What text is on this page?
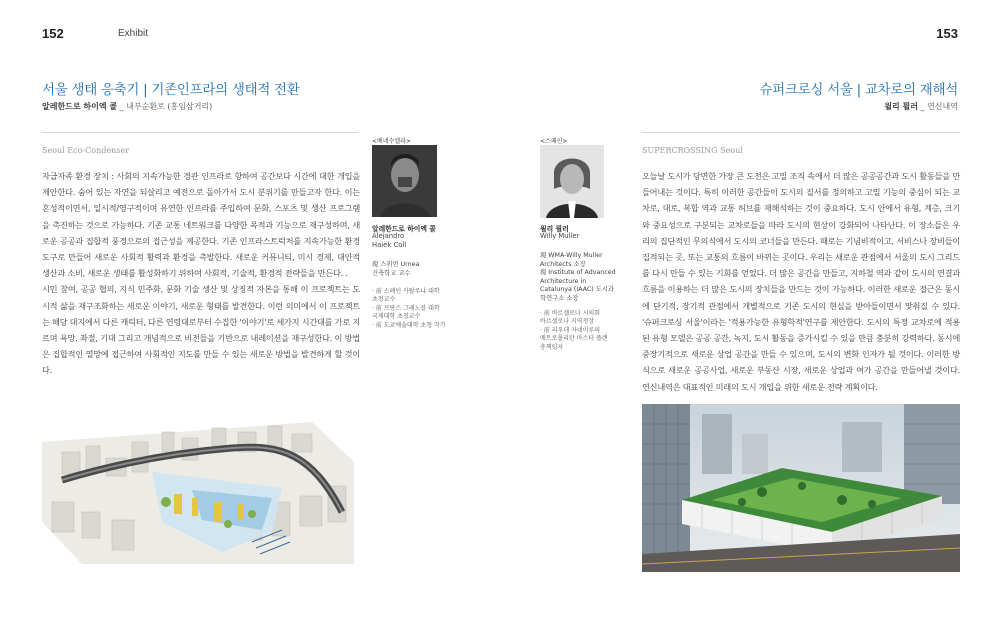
152	Exhibit	153
서울 생태 응축기 | 기존인프라의 생태적 전환
알레한드로 하이엑 콜 _ 내부순환로 (홍임삼거리)
Seoul Eco-Condenser

자급자족 환경 장치 : 사회의 지속가능한 경관 인프라로 향하여 공간보다 시간에 대한 개입을 제안한다. 숨어 있는 자연을 되살리고 예전으로 돌아가서 도시 분위기를 만들고자 한다. 이는 혼성적이면서, 일시적/영구적이며 유연한 인프라를 주입하여 문화, 스포츠 및 생산 프로그램을 촉진하는 것으로 가능하다. 기존 교통 네트워크를 다양한 목적과 기능으로 재구성하며, 새로운 공공과 집합적 풍경으로의 접근성을 제공한다. 기존 인프라스트럭처를 지속가능한 환경 도구로 만들어 새로운 사회적 활력과 환경을 촉발한다. 새로운 커뮤니티, 미시 경제, 대안적 생산과 소비, 새로운 생태를 활성화하기 위하여 사회적, 기술적, 환경적 전략들을 만든다. .

시민 참여, 공공 협의, 지식 민주화, 문화 기술 생산 및 상징적 자본을 통해 이 프로젝트는 도시적 삶을 재구조화하는 새로운 이야기, 새로운 형태를 발견한다. 이런 의미에서 이 프로젝트는 해당 대지에서 다른 캐릭터, 다른 연령대로부터 수집한 '이야기'로 세가지 시간대를 가로 지르며 욕망, 좌절, 기대 그리고 개념적으로 비전들을 기반으로 내레이션을 재구성한다. 이 방법은 집합적인 열망에 접근하여 사회적인 지도를 만들 수 있는 새로운 방법을 발견하게 할 것이다.

<베네수엘라>
알레한드로 하이엑 콜
Alejandro
Haiek Coll
現 스위번 Urnea
건축학교 교수
· 前 스페인 카탈루냐 대학
초청교수
· 前 프랑스 그레노블 대학
국제대학 초청교수
· 前 도쿄예술대학 초청 작가
<스페인>
윌리 뮐러
Willy Muller
現 WMA-Willy Muller
Architects 소장
現 Institute of Advanced
Architecture in
Catalunya (IAAC) 도시과
학연구소 소장
· 前 바르셀로나 시의회
바르셀로나 지역청장
· 前 리우데 자네이루의
메트로폴리탄 마스터 플랜
총책임자
슈퍼크로싱 서울 | 교차로의 재해석
윌리 뮐러 _ 연신내역
SUPERCROSSING Seoul

오늘날 도시가 당면한 가장 큰 도전은 고밀 조직 속에서 더 많은 공공공간과 도시 활동들을 만들어내는 것이다. 특히 이러한 공간들이 도시의 질서를 정의하고 고밀 기능의 중심이 되는 교차로, 대로, 복합 역과 교통 허브를 재해석하는 것이 중요하다. 도시 안에서 유형, 계층, 크기와 중요성으로 구분되는 교차로들을 따라 도시의 현상이 강화되어 나타난다. 이 장소들은 우리의 집단적인 무의식에서 도시의 코너들을 만든다. 때로는 기념비적이고, 서비스나 장비들이 집적되는 곳, 또는 교통의 흐름이 바뀌는 곳이다. 우리는 새로운 관점에서 서울의 도시 그리드를 다시 만들 수 있는 기회를 얻었다. 더 많은 공간을 만들고, 지하철 역과 같이 도시의 연결과 흐름을 이용하는 더 많은 도시의 장치들을 만드는 것이 가능하다. 이러한 새로운 접근은 동시에 단기적, 장기적 관점에서 개별적으로 기존 도시의 현실을 받아들이면서 맞춰질 수 있다. '슈퍼크로싱 서울'이라는 '적용가능한 유형학적'연구를 제안한다. 도시의 특정 교차로에 적용된 유형 모델은 공공 공간, 녹지, 도시 활동을 증가시킬 수 있을 만큼 충분히 강력하다. 동시에 중장기적으로 새로운 상업 공간을 만들 수 있으며, 도시의 변화 인자가 될 것이다. 이러한 방식으로 새로운 공공사업, 새로운 부동산 시장, 새로운 상업과 여가 공간을 만들어낼 것이다. 연신내역은 대표적인 미래의 도시 개입을 위한 새로운 전략 계획이다.
